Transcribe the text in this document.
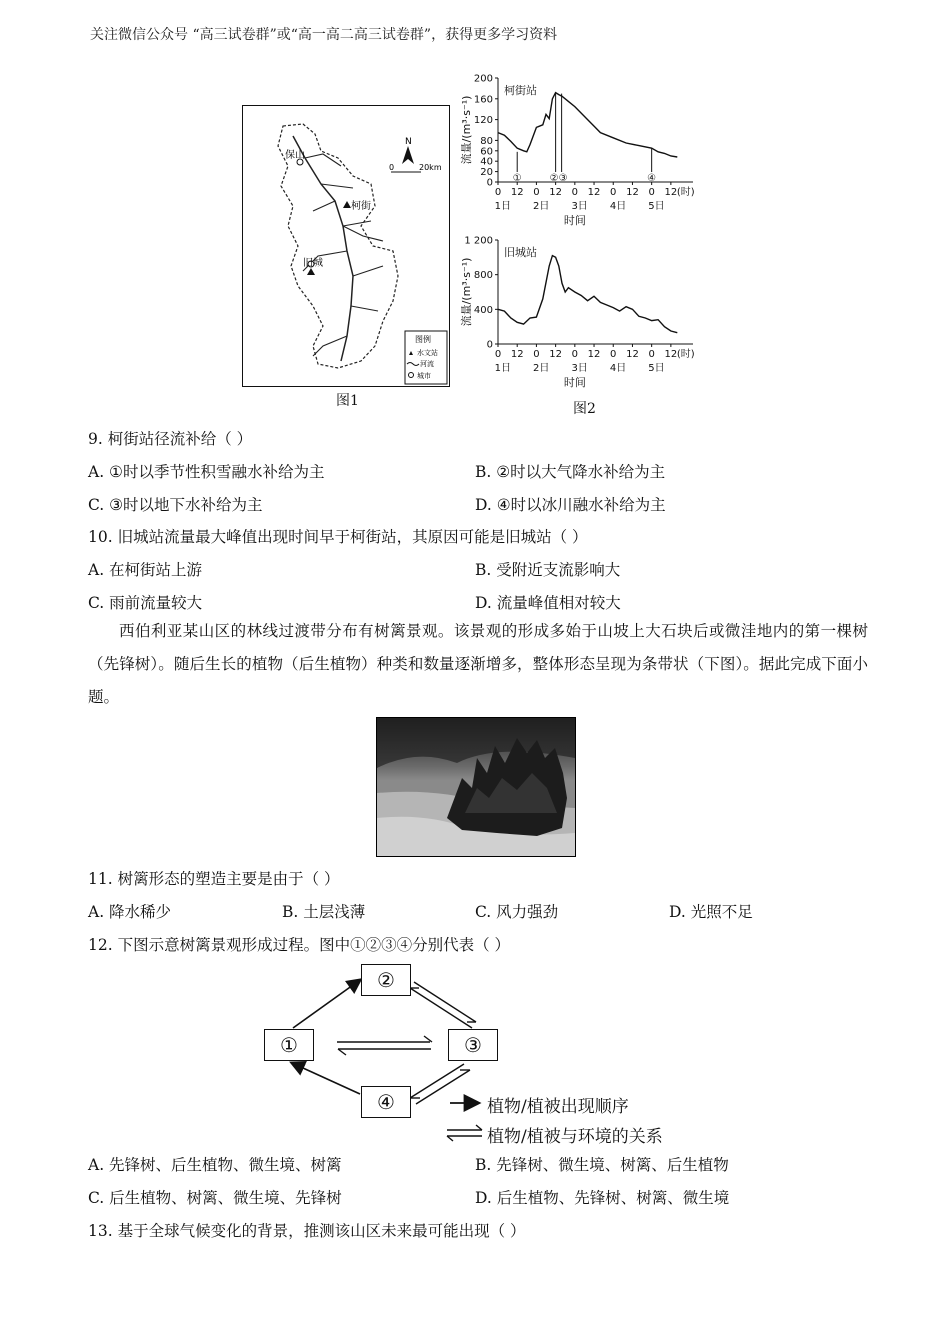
关注微信公众号 “高三试卷群”或“高一高二高三试卷群”，获得更多学习资料
保山
柯街
旧城
N
0	20km
图例
水文站
河流
城市
图1
0
20
40
60
80
120
160
200
0 12 0 12 0 12 0 12 0 12 (时)
1日 2日 3日 4日 5日
时间
柯街站
流量/(m³·s⁻¹)
①	②③	④
0
400
800
1 200
0 12 0 12 0 12 0 12 0 12 (时)
1日 2日 3日 4日 5日
时间
旧城站
流量/(m³·s⁻¹)
图2
9. 柯街站径流补给（ ）
A. ①时以季节性积雪融水补给为主	B. ②时以大气降水补给为主
C. ③时以地下水补给为主	D. ④时以冰川融水补给为主
10. 旧城站流量最大峰值出现时间早于柯街站，其原因可能是旧城站（ ）
A. 在柯街站上游	B. 受附近支流影响大
C. 雨前流量较大	D. 流量峰值相对较大
西伯利亚某山区的林线过渡带分布有树篱景观。该景观的形成多始于山坡上大石块后或微洼地内的第一棵树（先锋树）。随后生长的植物（后生植物）种类和数量逐渐增多，整体形态呈现为条带状（下图）。据此完成下面小题。
11. 树篱形态的塑造主要是由于（ ）
A. 降水稀少	B. 土层浅薄	C. 风力强劲	D. 光照不足
12. 下图示意树篱景观形成过程。图中①②③④分别代表（ ）
①
②
③
④	植物/植被出现顺序
植物/植被与环境的关系
A. 先锋树、后生植物、微生境、树篱	B. 先锋树、微生境、树篱、后生植物
C. 后生植物、树篱、微生境、先锋树	D. 后生植物、先锋树、树篱、微生境
13. 基于全球气候变化的背景，推测该山区未来最可能出现（ ）
